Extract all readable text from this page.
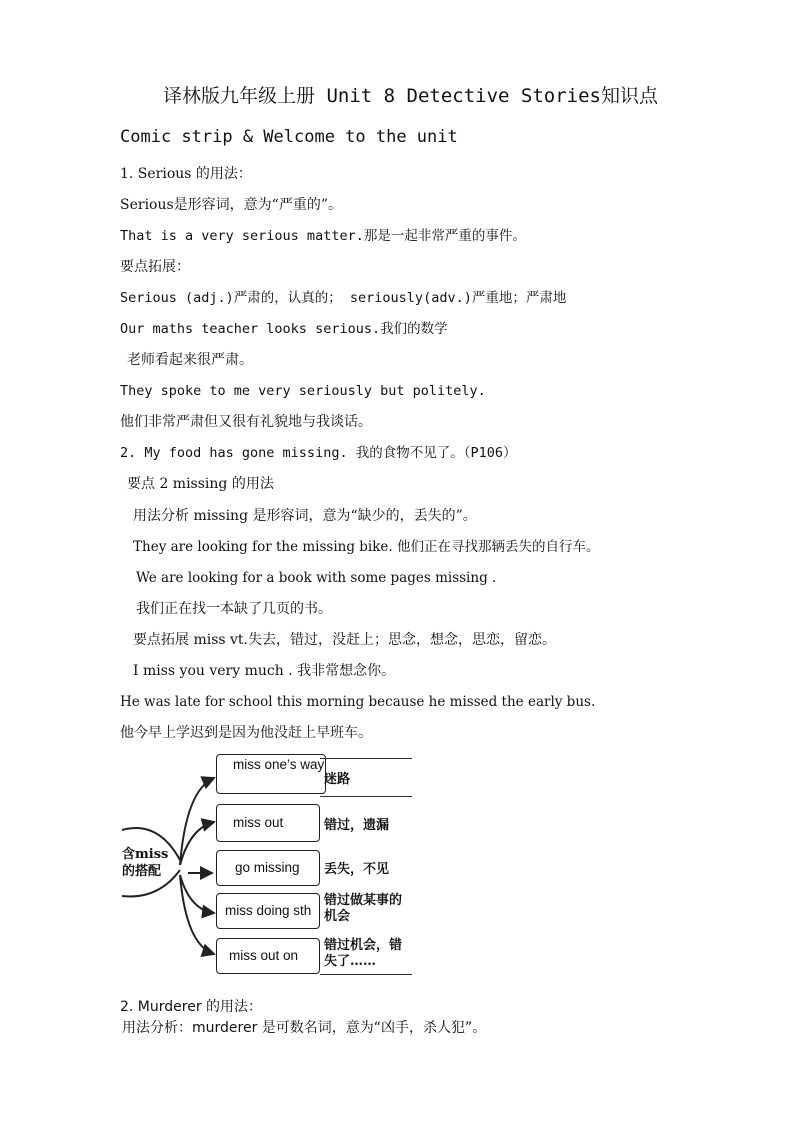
译林版九年级上册 Unit 8 Detective Stories知识点
Comic strip & Welcome to the unit
1. Serious 的用法：
Serious是形容词，意为“严重的”。
That is a very serious matter.那是一起非常严重的事件。
要点拓展：
Serious (adj.)严肃的，认真的； seriously(adv.)严重地；严肃地
Our maths teacher looks serious.我们的数学
老师看起来很严肃。
They spoke to me very seriously but politely.
他们非常严肃但又很有礼貌地与我谈话。
2. My food has gone missing. 我的食物不见了。（P106）
要点 2 missing 的用法
用法分析 missing 是形容词，意为“缺少的，丢失的”。
They are looking for the missing bike. 他们正在寻找那辆丢失的自行车。
We are looking for a book with some pages missing .
我们正在找一本缺了几页的书。
要点拓展 miss vt.失去，错过，没赶上；思念，想念，思恋，留恋。
I miss you very much . 我非常想念你。
He was late for school this morning because he missed the early bus.
他今早上学迟到是因为他没赶上早班车。
含miss
的搭配
miss one’s way
miss out
go missing
miss doing sth
miss out on
迷路
错过，遗漏
丢失，不见
错过做某事的机会
错过机会，错失了……
2. Murderer 的用法：
用法分析：murderer 是可数名词，意为“凶手，杀人犯”。
